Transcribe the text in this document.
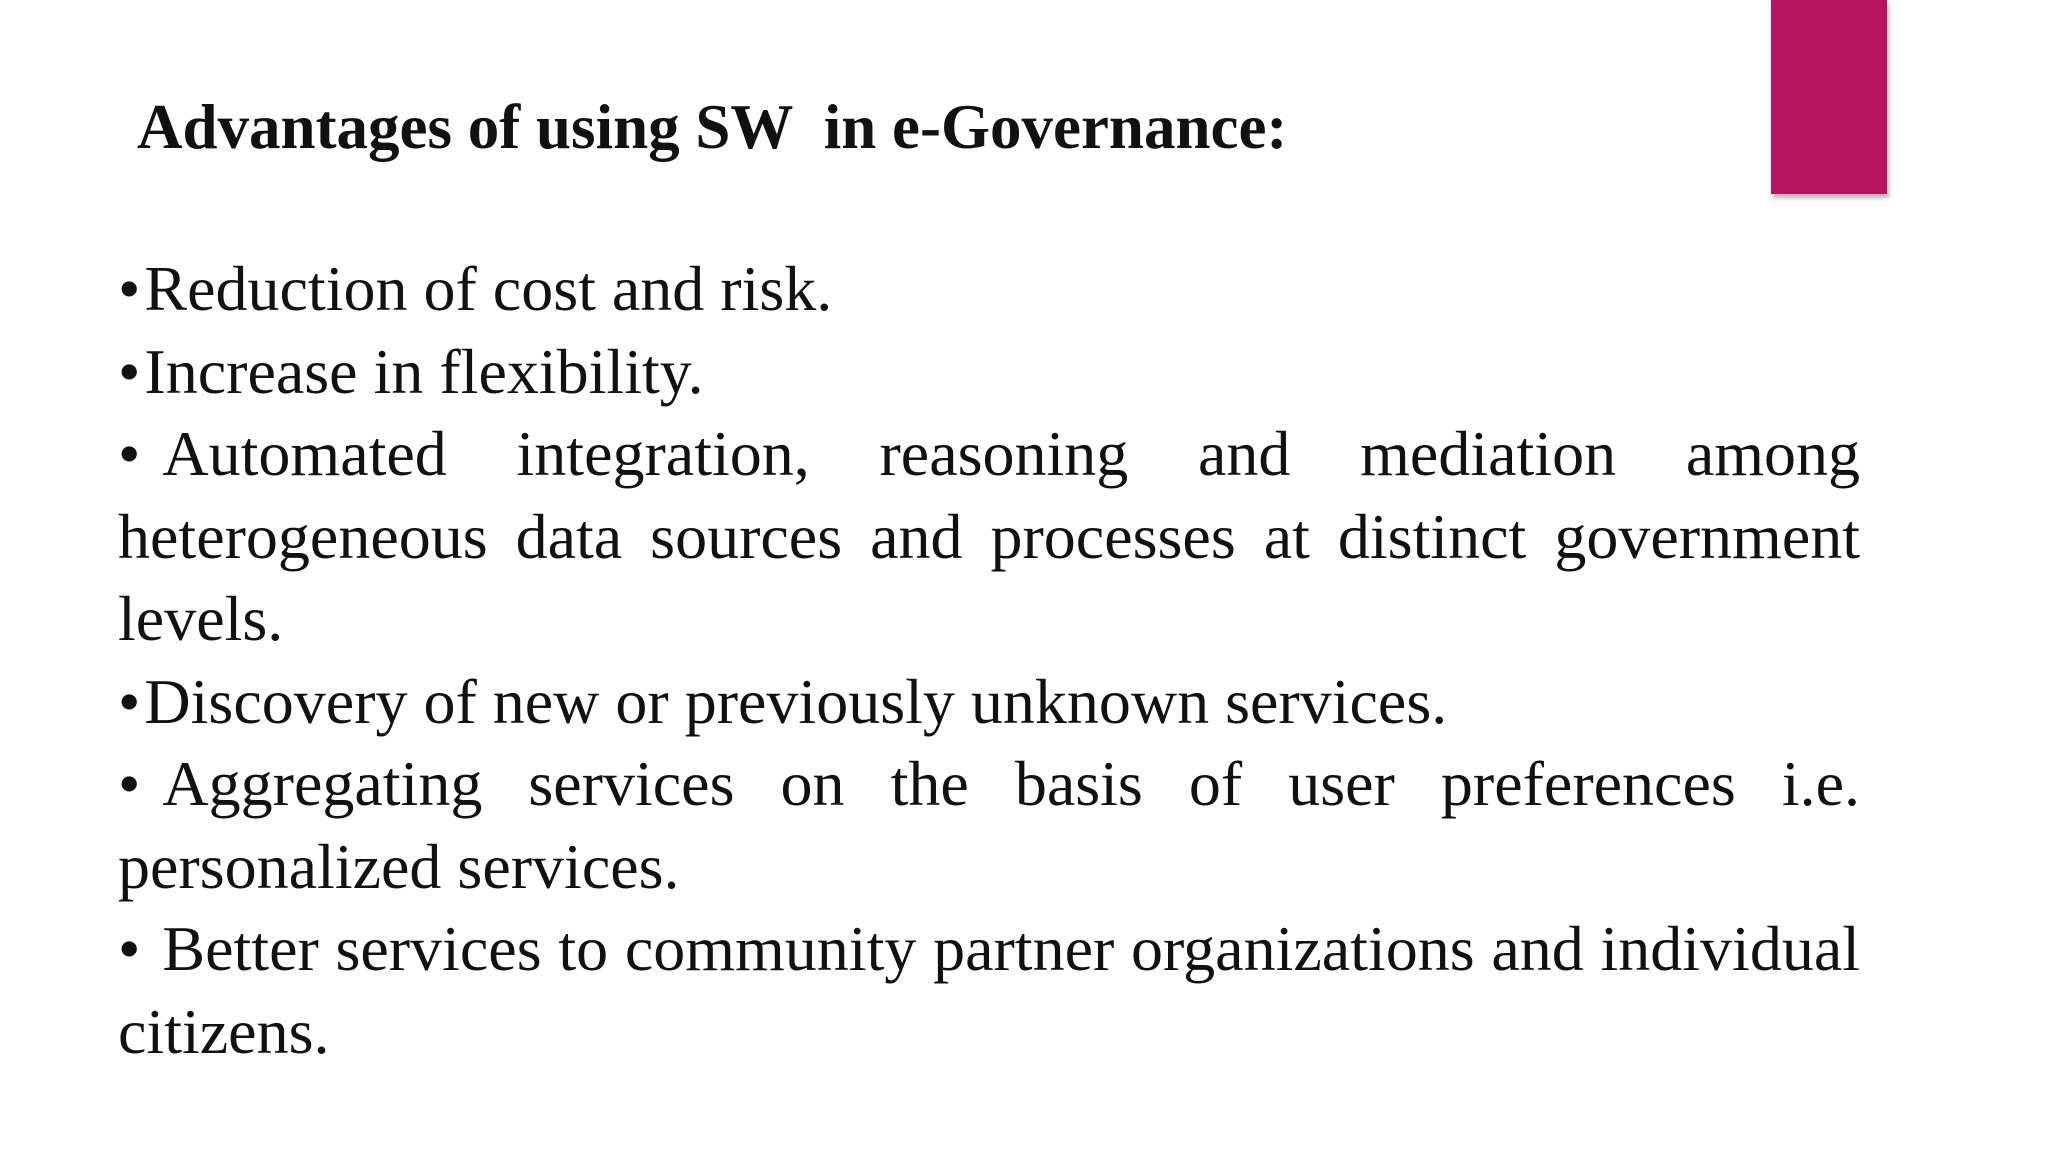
Advantages of using SW  in e-Governance:
•Reduction of cost and risk.
•Increase in flexibility.
• Automated integration, reasoning and mediation among heterogeneous data sources and processes at distinct government levels.
•Discovery of new or previously unknown services.
• Aggregating services on the basis of user preferences i.e. personalized services.
• Better services to community partner organizations and individual citizens.
